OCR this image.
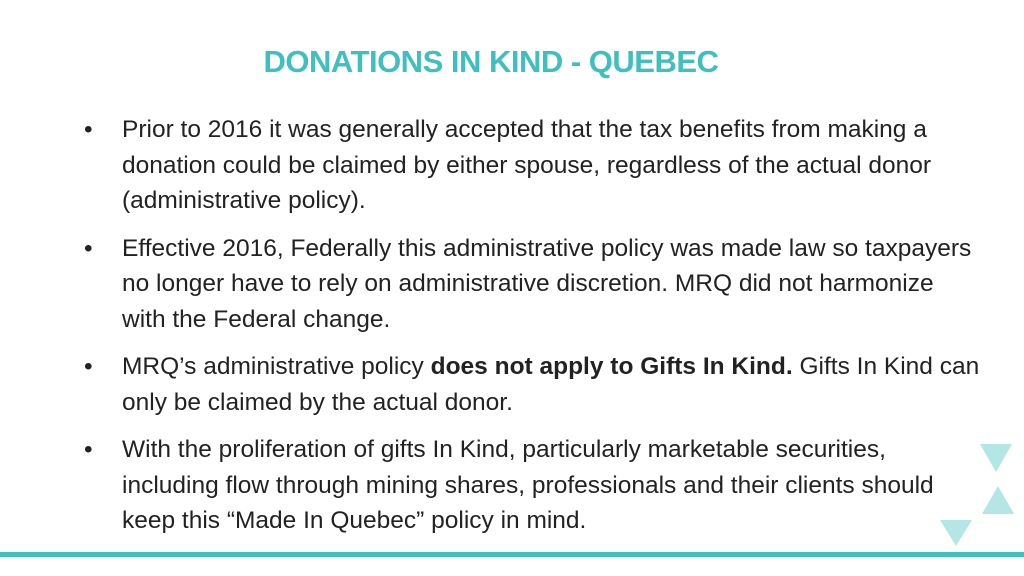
DONATIONS IN KIND - QUEBEC
• Prior to 2016 it was generally accepted that the tax benefits from making a donation could be claimed by either spouse, regardless of the actual donor (administrative policy).
• Effective 2016, Federally this administrative policy was made law so taxpayers no longer have to rely on administrative discretion. MRQ did not harmonize with the Federal change.
• MRQ’s administrative policy does not apply to Gifts In Kind. Gifts In Kind can only be claimed by the actual donor.
• With the proliferation of gifts In Kind, particularly marketable securities, including flow through mining shares, professionals and their clients should keep this “Made In Quebec” policy in mind.
